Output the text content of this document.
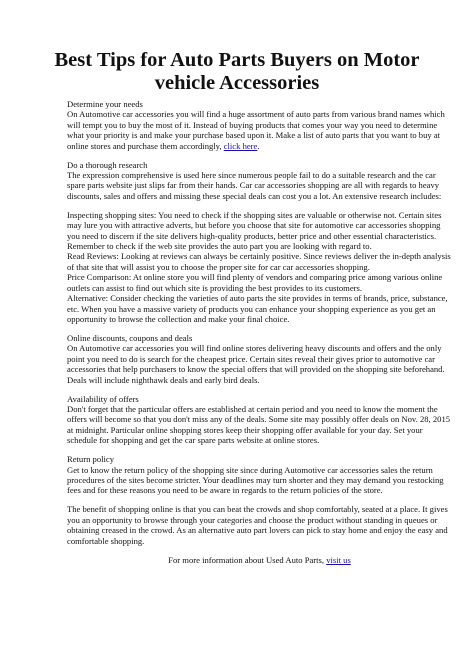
Best Tips for Auto Parts Buyers on Motor vehicle Accessories

Determine your needs

On Automotive car accessories you will find a huge assortment of auto parts from various brand names which will tempt you to buy the most of it. Instead of buying products that comes your way you need to determine what your priority is and make your purchase based upon it. Make a list of auto parts that you want to buy at online stores and purchase them accordingly, click here.

Do a thorough research

The expression comprehensive is used here since numerous people fail to do a suitable research and the car spare parts website just slips far from their hands. Car car accessories shopping are all with regards to heavy discounts, sales and offers and missing these special deals can cost you a lot. An extensive research includes:

Inspecting shopping sites: You need to check if the shopping sites are valuable or otherwise not. Certain sites may lure you with attractive adverts, but before you choose that site for automotive car accessories shopping you need to discern if the site delivers high-quality products, better price and other essential characteristics. Remember to check if the web site provides the auto part you are looking with regard to.

Read Reviews: Looking at reviews can always be certainly positive. Since reviews deliver the in-depth analysis of that site that will assist you to choose the proper site for car car accessories shopping.

Price Comparison: At online store you will find plenty of vendors and comparing price among various online outlets can assist to find out which site is providing the best provides to its customers.

Alternative: Consider checking the varieties of auto parts the site provides in terms of brands, price, substance, etc. When you have a massive variety of products you can enhance your shopping experience as you get an opportunity to browse the collection and make your final choice.

Online discounts, coupons and deals

On Automotive car accessories you will find online stores delivering heavy discounts and offers and the only point you need to do is search for the cheapest price. Certain sites reveal their gives prior to automotive car accessories that help purchasers to know the special offers that will provided on the shopping site beforehand. Deals will include nighthawk deals and early bird deals.

Availability of offers

Don't forget that the particular offers are established at certain period and you need to know the moment the offers will become so that you don't miss any of the deals. Some site may possibly offer deals on Nov. 28, 2015 at midnight. Particular online shopping stores keep their shopping offer available for your day. Set your schedule for shopping and get the car spare parts website at online stores.

Return policy

Get to know the return policy of the shopping site since during Automotive car accessories sales the return procedures of the sites become stricter. Your deadlines may turn shorter and they may demand you restocking fees and for these reasons you need to be aware in regards to the return policies of the store.

The benefit of shopping online is that you can beat the crowds and shop comfortably, seated at a place. It gives you an opportunity to browse through your categories and choose the product without standing in queues or obtaining creased in the crowd. As an alternative auto part lovers can pick to stay home and enjoy the easy and comfortable shopping.

For more information about Used Auto Parts, visit us
